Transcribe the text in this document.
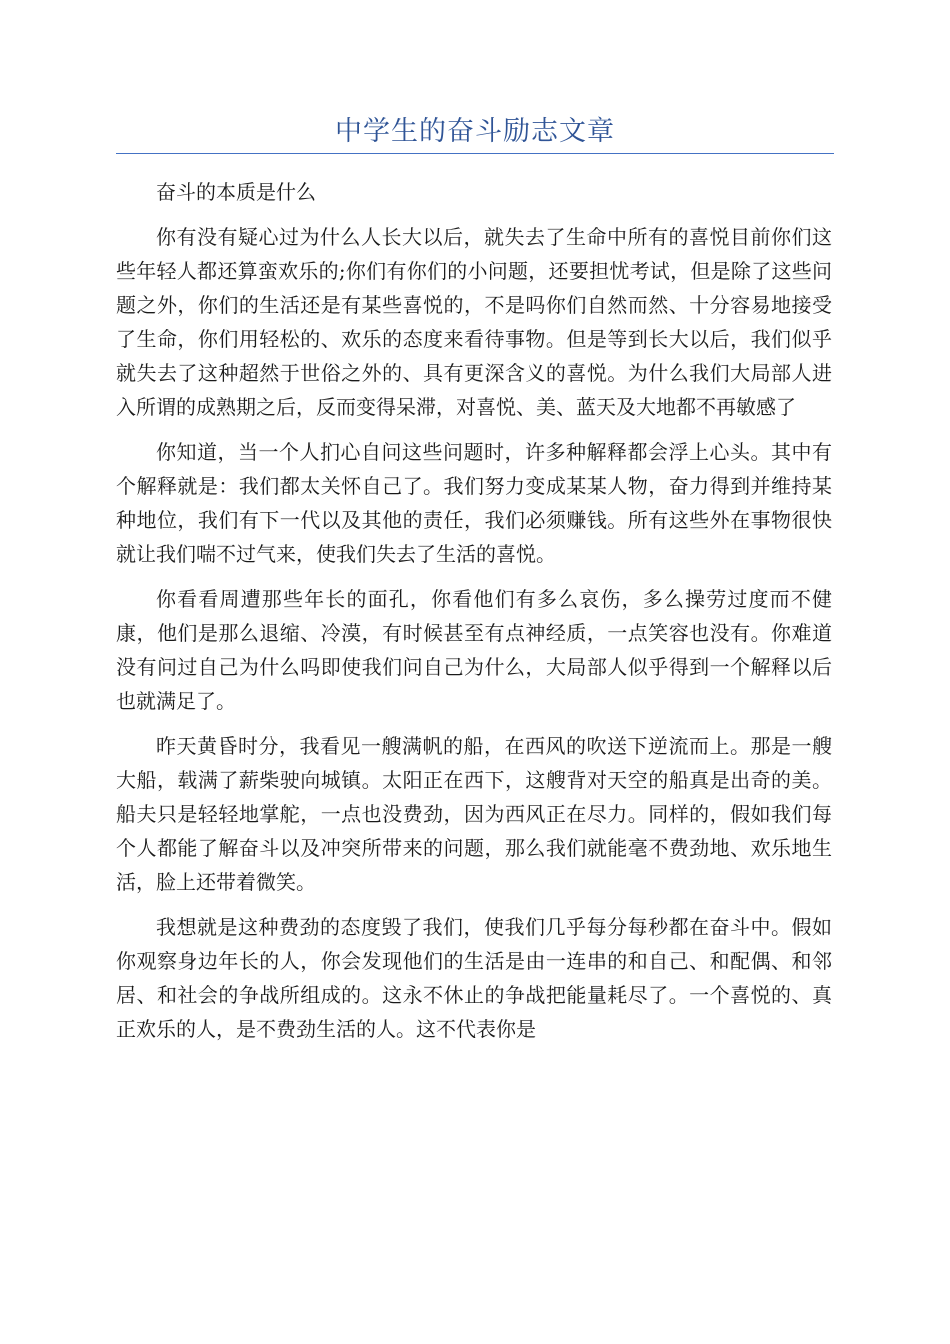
中学生的奋斗励志文章

奋斗的本质是什么

你有没有疑心过为什么人长大以后，就失去了生命中所有的喜悦目前你们这些年轻人都还算蛮欢乐的;你们有你们的小问题，还要担忧考试，但是除了这些问题之外，你们的生活还是有某些喜悦的，不是吗你们自然而然、十分容易地接受了生命，你们用轻松的、欢乐的态度来看待事物。但是等到长大以后，我们似乎就失去了这种超然于世俗之外的、具有更深含义的喜悦。为什么我们大局部人进入所谓的成熟期之后，反而变得呆滞，对喜悦、美、蓝天及大地都不再敏感了

你知道，当一个人扪心自问这些问题时，许多种解释都会浮上心头。其中有个解释就是：我们都太关怀自己了。我们努力变成某某人物，奋力得到并维持某种地位，我们有下一代以及其他的责任，我们必须赚钱。所有这些外在事物很快就让我们喘不过气来，使我们失去了生活的喜悦。

你看看周遭那些年长的面孔，你看他们有多么哀伤，多么操劳过度而不健康，他们是那么退缩、冷漠，有时候甚至有点神经质，一点笑容也没有。你难道没有问过自己为什么吗即使我们问自己为什么，大局部人似乎得到一个解释以后也就满足了。

昨天黄昏时分，我看见一艘满帆的船，在西风的吹送下逆流而上。那是一艘大船，载满了薪柴驶向城镇。太阳正在西下，这艘背对天空的船真是出奇的美。船夫只是轻轻地掌舵，一点也没费劲，因为西风正在尽力。同样的，假如我们每个人都能了解奋斗以及冲突所带来的问题，那么我们就能毫不费劲地、欢乐地生活，脸上还带着微笑。

我想就是这种费劲的态度毁了我们，使我们几乎每分每秒都在奋斗中。假如你观察身边年长的人，你会发现他们的生活是由一连串的和自己、和配偶、和邻居、和社会的争战所组成的。这永不休止的争战把能量耗尽了。一个喜悦的、真正欢乐的人，是不费劲生活的人。这不代表你是
